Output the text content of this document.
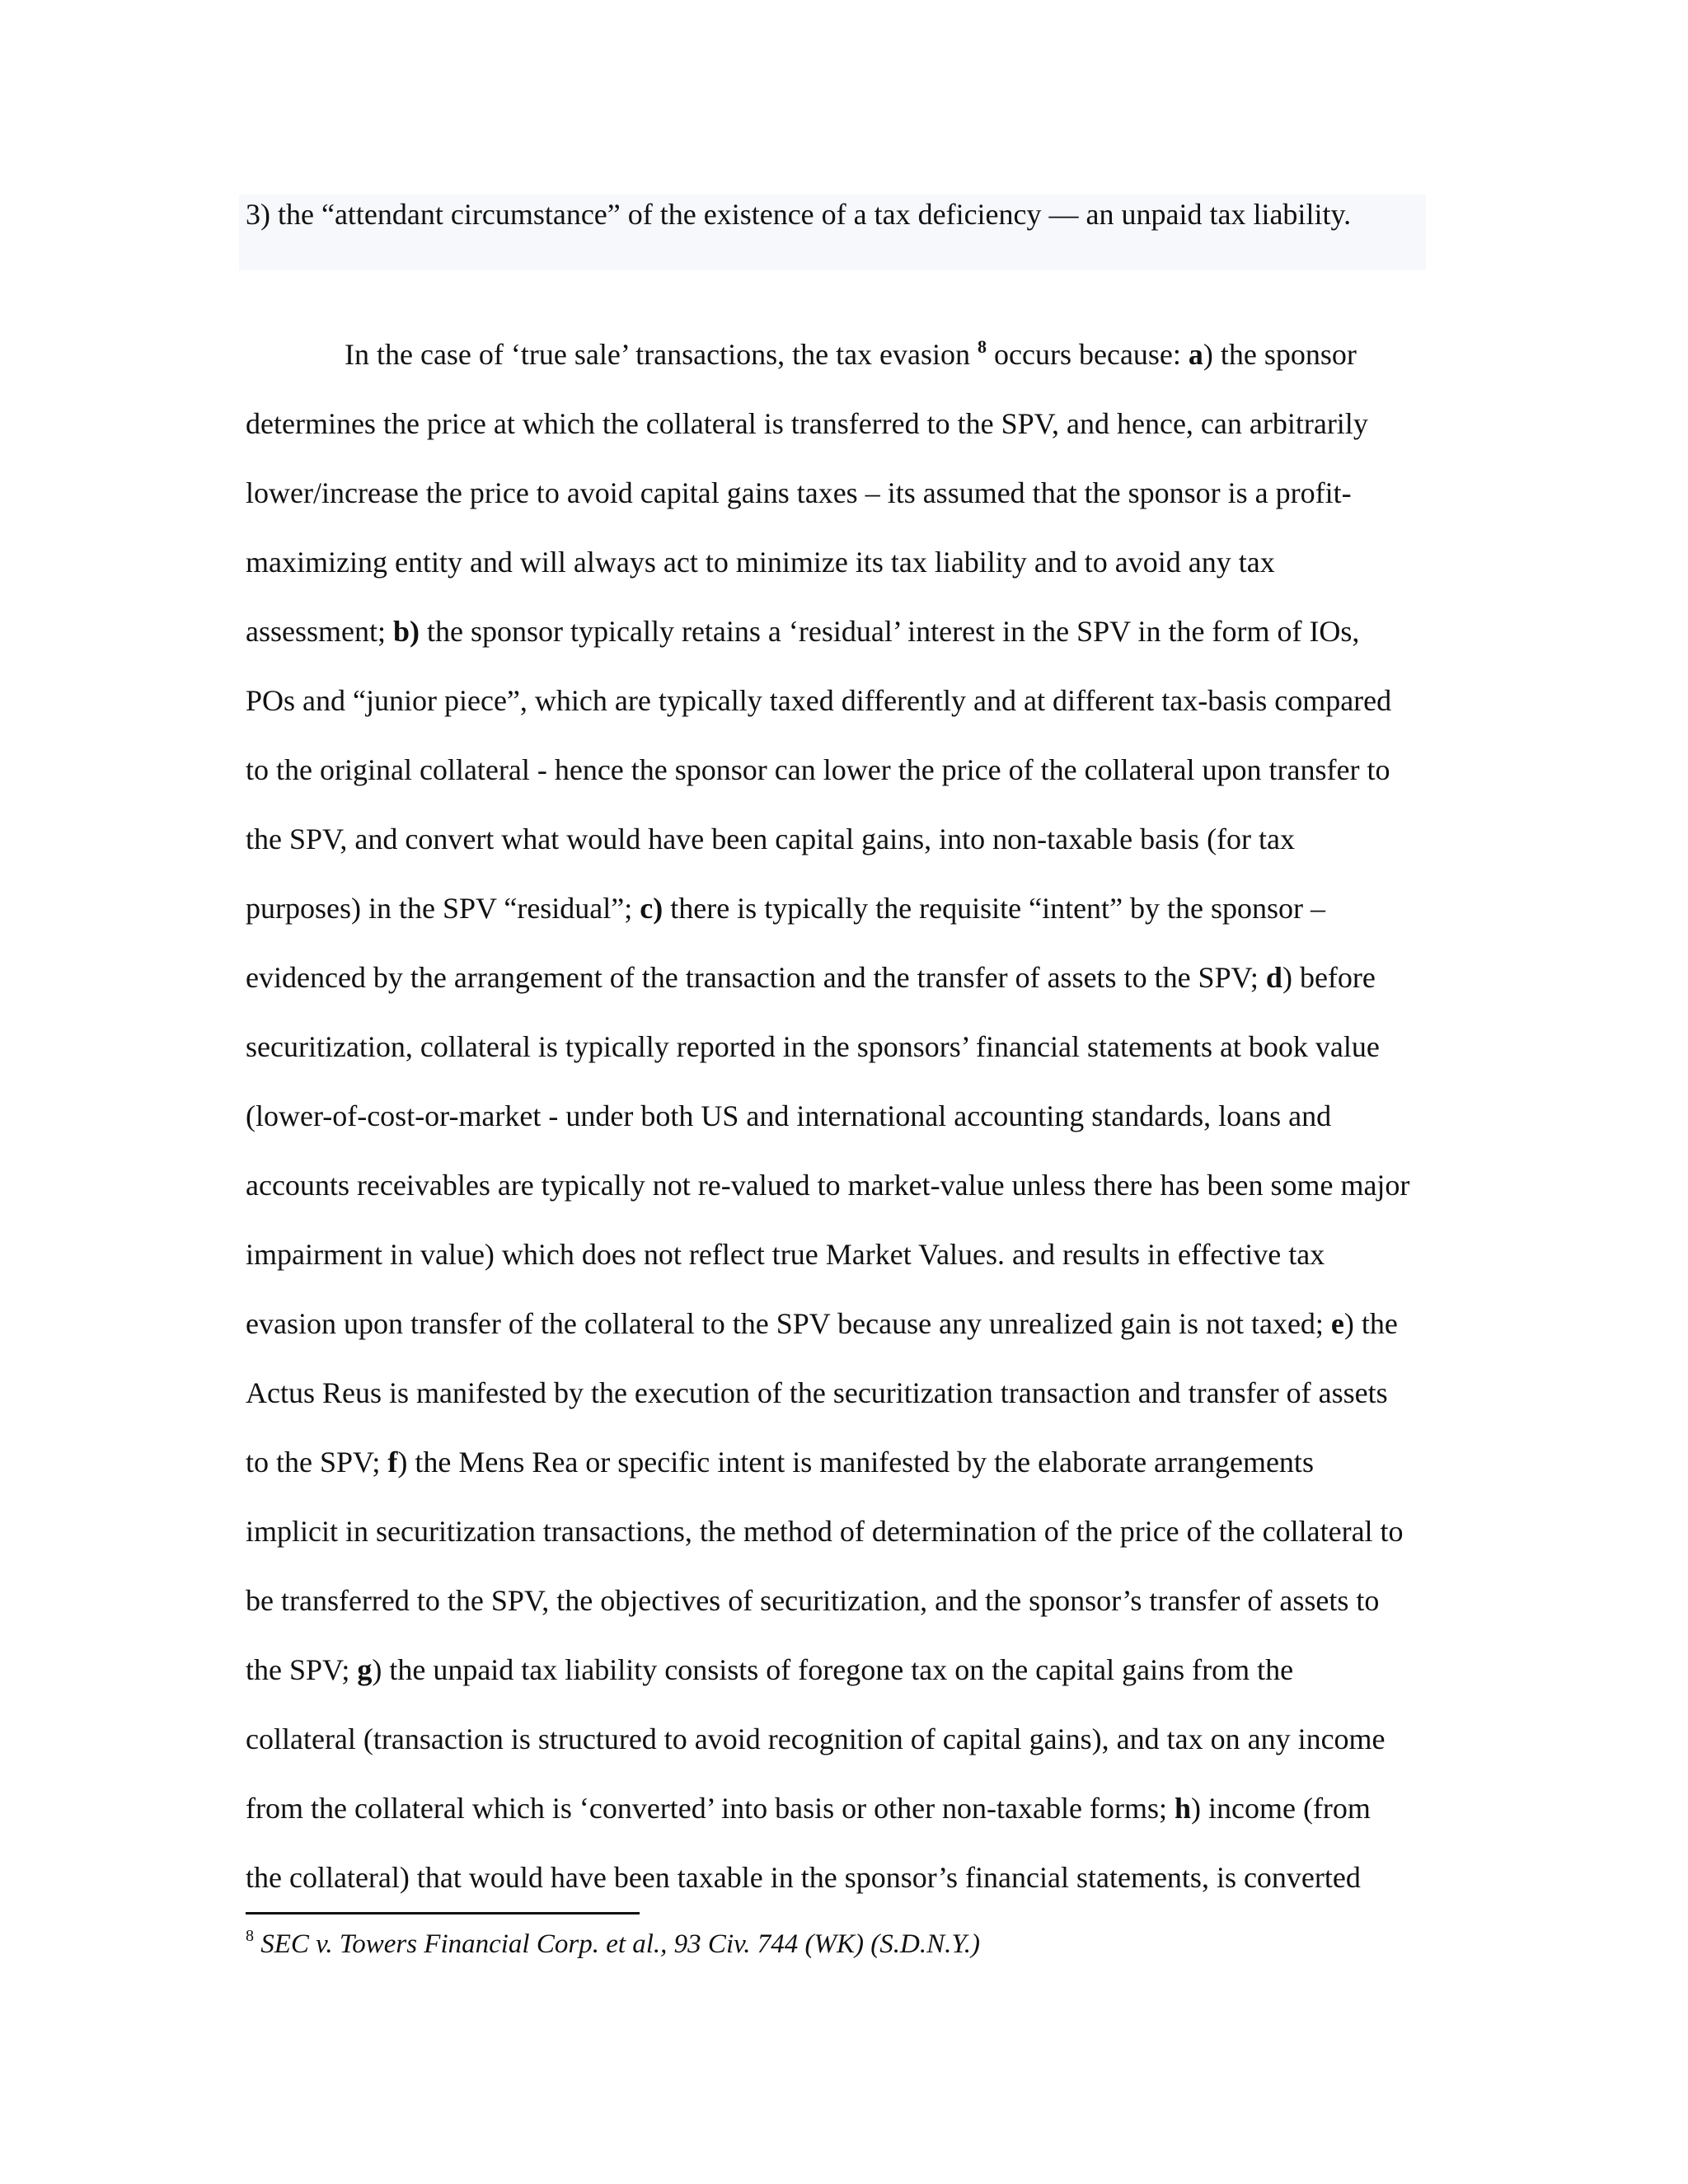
3) the “attendant circumstance” of the existence of a tax deficiency — an unpaid tax liability.
In the case of ‘true sale’ transactions, the tax evasion $^8$ occurs because: a) the sponsor
determines the price at which the collateral is transferred to the SPV, and hence, can arbitrarily
lower/increase the price to avoid capital gains taxes – its assumed that the sponsor is a profit-
maximizing entity and will always act to minimize its tax liability and to avoid any tax
assessment; b) the sponsor typically retains a ‘residual’ interest in the SPV in the form of IOs,
POs and “junior piece”, which are typically taxed differently and at different tax-basis compared
to the original collateral - hence the sponsor can lower the price of the collateral upon transfer to
the SPV, and convert what would have been capital gains, into non-taxable basis (for tax
purposes) in the SPV “residual”; c) there is typically the requisite “intent” by the sponsor –
evidenced by the arrangement of the transaction and the transfer of assets to the SPV; d) before
securitization, collateral is typically reported in the sponsors’ financial statements at book value
(lower-of-cost-or-market - under both US and international accounting standards, loans and
accounts receivables are typically not re-valued to market-value unless there has been some major
impairment in value) which does not reflect true Market Values. and results in effective tax
evasion upon transfer of the collateral to the SPV because any unrealized gain is not taxed; e) the
Actus Reus is manifested by the execution of the securitization transaction and transfer of assets
to the SPV; f) the Mens Rea or specific intent is manifested by the elaborate arrangements
implicit in securitization transactions, the method of determination of the price of the collateral to
be transferred to the SPV, the objectives of securitization, and the sponsor’s transfer of assets to
the SPV; g) the unpaid tax liability consists of foregone tax on the capital gains from the
collateral (transaction is structured to avoid recognition of capital gains), and tax on any income
from the collateral which is ‘converted’ into basis or other non-taxable forms; h) income (from
the collateral) that would have been taxable in the sponsor’s financial statements, is converted
$^8$ SEC v. Towers Financial Corp. et al., 93 Civ. 744 (WK) (S.D.N.Y.)
